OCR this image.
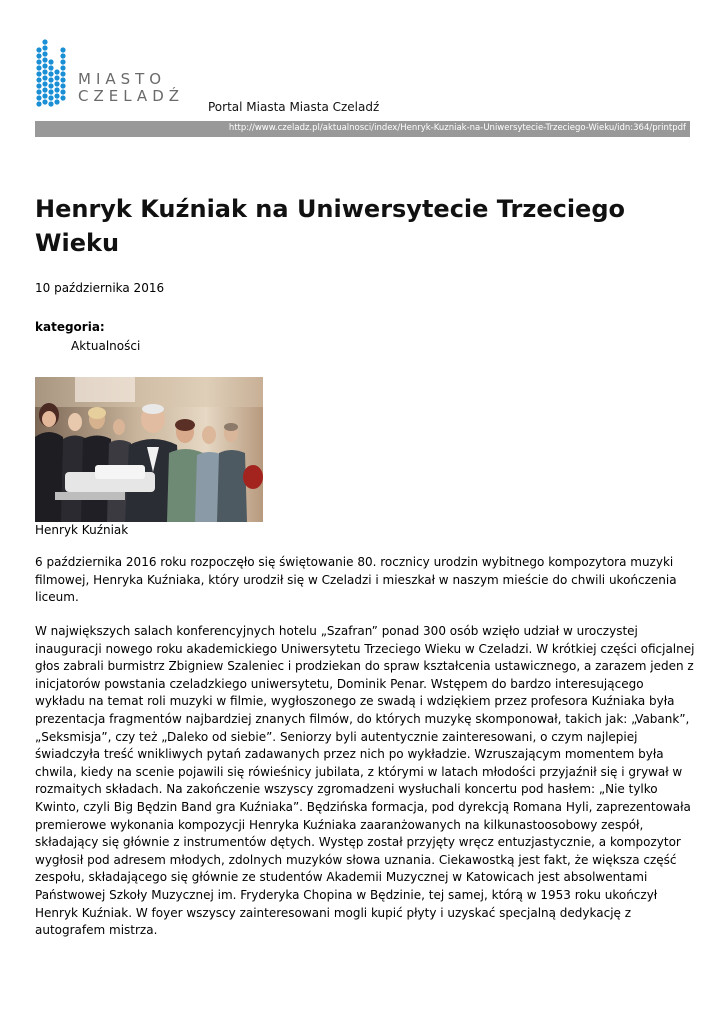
MIASTO
CZELADŹ
Portal Miasta Miasta Czeladź
http://www.czeladz.pl/aktualnosci/index/Henryk-Kuzniak-na-Uniwersytecie-Trzeciego-Wieku/idn:364/printpdf
Henryk Kuźniak na Uniwersytecie Trzeciego Wieku
10 października 2016
kategoria:
Aktualności
Henryk Kuźniak

6 października 2016 roku rozpoczęło się świętowanie 80. rocznicy urodzin wybitnego kompozytora muzyki filmowej, Henryka Kuźniaka, który urodził się w Czeladzi i mieszkał w naszym mieście do chwili ukończenia liceum.

W największych salach konferencyjnych hotelu „Szafran” ponad 300 osób wzięło udział w uroczystej inauguracji nowego roku akademickiego Uniwersytetu Trzeciego Wieku w Czeladzi. W krótkiej części oficjalnej głos zabrali burmistrz Zbigniew Szaleniec i prodziekan do spraw kształcenia ustawicznego, a zarazem jeden z inicjatorów powstania czeladzkiego uniwersytetu, Dominik Penar. Wstępem do bardzo interesującego wykładu na temat roli muzyki w filmie, wygłoszonego ze swadą i wdziękiem przez profesora Kuźniaka była prezentacja fragmentów najbardziej znanych filmów, do których muzykę skomponował, takich jak: „Vabank”, „Seksmisja”, czy też „Daleko od siebie”. Seniorzy byli autentycznie zainteresowani, o czym najlepiej świadczyła treść wnikliwych pytań zadawanych przez nich po wykładzie. Wzruszającym momentem była chwila, kiedy na scenie pojawili się rówieśnicy jubilata, z którymi w latach młodości przyjaźnił się i grywał w rozmaitych składach. Na zakończenie wszyscy zgromadzeni wysłuchali koncertu pod hasłem: „Nie tylko Kwinto, czyli Big Będzin Band gra Kuźniaka”. Będzińska formacja, pod dyrekcją Romana Hyli, zaprezentowała premierowe wykonania kompozycji Henryka Kuźniaka zaaranżowanych na kilkunastoosobowy zespół, składający się głównie z instrumentów dętych. Występ został przyjęty wręcz entuzjastycznie, a kompozytor wygłosił pod adresem młodych, zdolnych muzyków słowa uznania. Ciekawostką jest fakt, że większa część zespołu, składającego się głównie ze studentów Akademii Muzycznej w Katowicach jest absolwentami Państwowej Szkoły Muzycznej im. Fryderyka Chopina w Będzinie, tej samej, którą w 1953 roku ukończył Henryk Kuźniak. W foyer wszyscy zainteresowani mogli kupić płyty i uzyskać specjalną dedykację z autografem mistrza.
